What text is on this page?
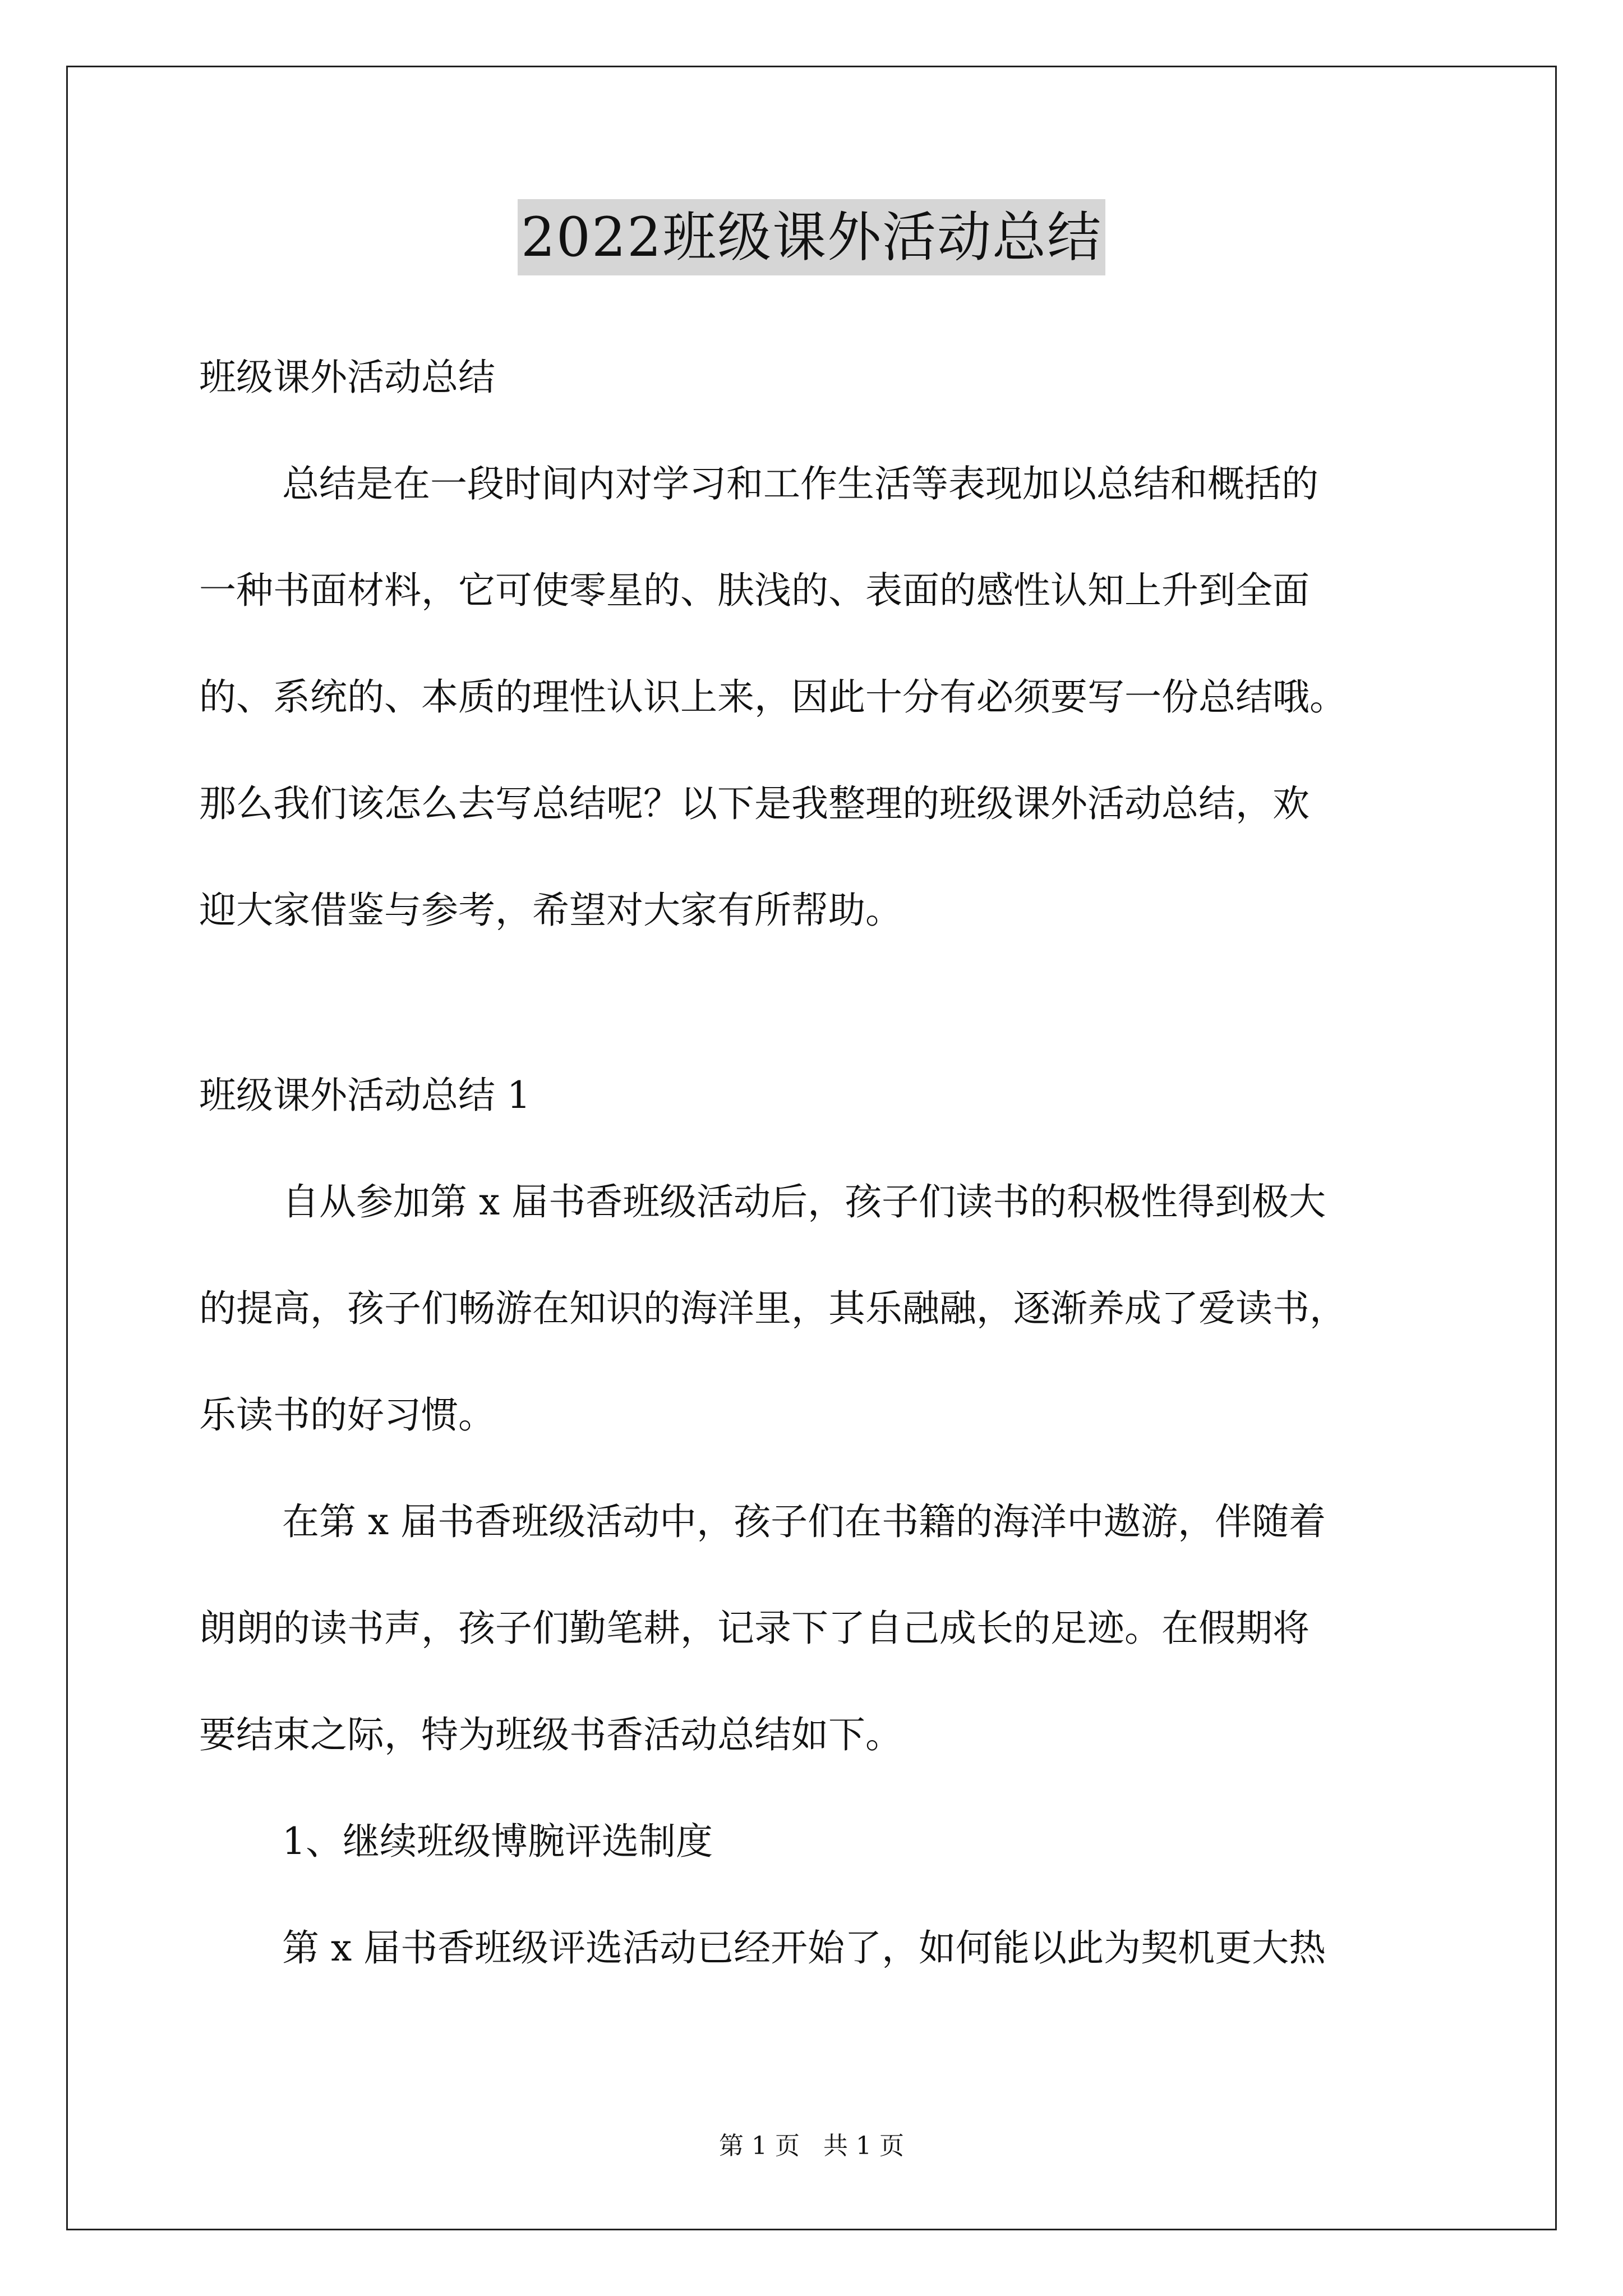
2022班级课外活动总结
班级课外活动总结
总结是在一段时间内对学习和工作生活等表现加以总结和概括的
一种书面材料，它可使零星的、肤浅的、表面的感性认知上升到全面
的、系统的、本质的理性认识上来，因此十分有必须要写一份总结哦。
那么我们该怎么去写总结呢？以下是我整理的班级课外活动总结，欢
迎大家借鉴与参考，希望对大家有所帮助。
班级课外活动总结 1
自从参加第 x 届书香班级活动后，孩子们读书的积极性得到极大
的提高，孩子们畅游在知识的海洋里，其乐融融，逐渐养成了爱读书，
乐读书的好习惯。
在第 x 届书香班级活动中，孩子们在书籍的海洋中遨游，伴随着
朗朗的读书声，孩子们勤笔耕，记录下了自己成长的足迹。在假期将
要结束之际，特为班级书香活动总结如下。
1、继续班级博腕评选制度
第 x 届书香班级评选活动已经开始了，如何能以此为契机更大热
第 1 页 共 1 页
